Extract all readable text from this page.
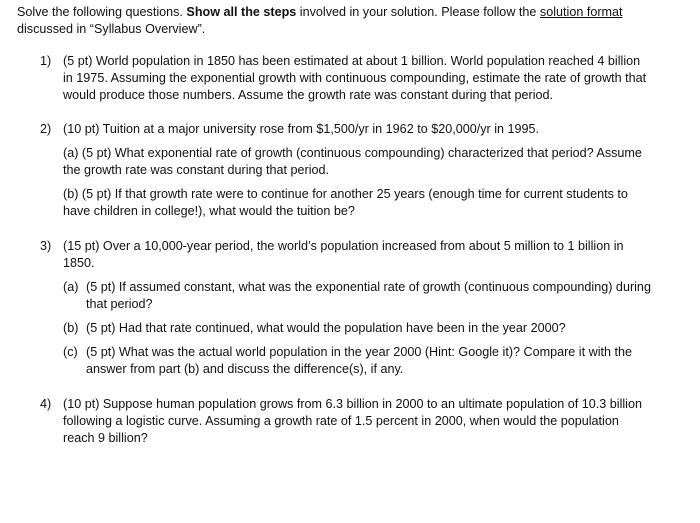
Solve the following questions. Show all the steps involved in your solution. Please follow the solution format discussed in “Syllabus Overview”.

1) (5 pt) World population in 1850 has been estimated at about 1 billion. World population reached 4 billion in 1975. Assuming the exponential growth with continuous compounding, estimate the rate of growth that would produce those numbers. Assume the growth rate was constant during that period.

2) (10 pt) Tuition at a major university rose from $1,500/yr in 1962 to $20,000/yr in 1995.

(a) (5 pt) What exponential rate of growth (continuous compounding) characterized that period? Assume the growth rate was constant during that period.

(b) (5 pt) If that growth rate were to continue for another 25 years (enough time for current students to have children in college!), what would the tuition be?

3) (15 pt) Over a 10,000-year period, the world’s population increased from about 5 million to 1 billion in 1850.

(a) (5 pt) If assumed constant, what was the exponential rate of growth (continuous compounding) during that period?
(b) (5 pt) Had that rate continued, what would the population have been in the year 2000?
(c) (5 pt) What was the actual world population in the year 2000 (Hint: Google it)? Compare it with the answer from part (b) and discuss the difference(s), if any.
4) (10 pt) Suppose human population grows from 6.3 billion in 2000 to an ultimate population of 10.3 billion following a logistic curve. Assuming a growth rate of 1.5 percent in 2000, when would the population reach 9 billion?
